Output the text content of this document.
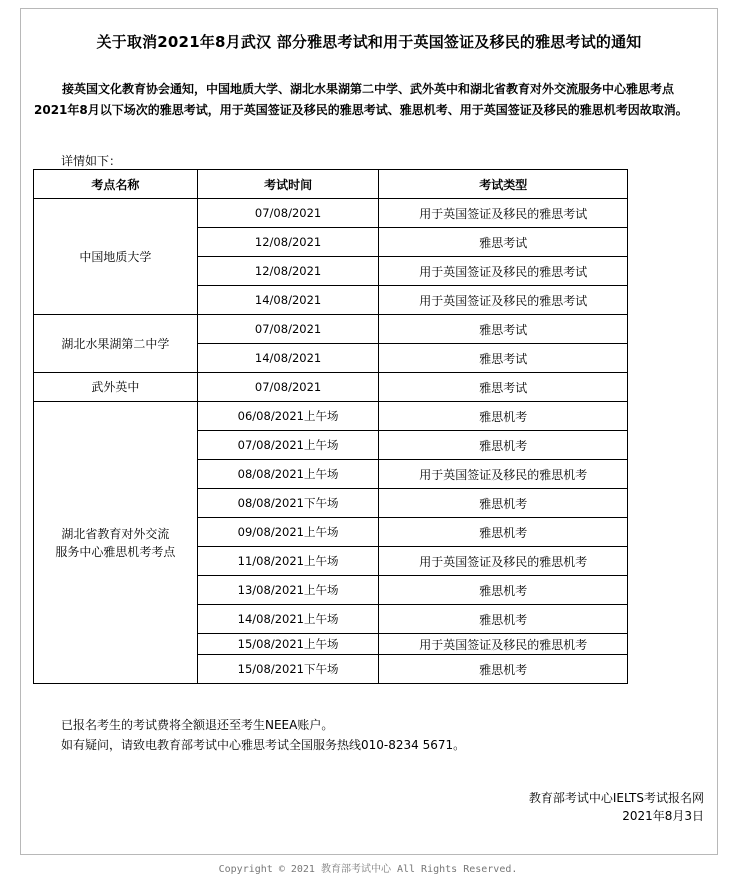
关于取消2021年8月武汉 部分雅思考试和用于英国签证及移民的雅思考试的通知
接英国文化教育协会通知，中国地质大学、湖北水果湖第二中学、武外英中和湖北省教育对外交流服务中心雅思考点2021年8月以下场次的雅思考试，用于英国签证及移民的雅思考试、雅思机考、用于英国签证及移民的雅思机考因故取消。
详情如下：
考点名称	考试时间	考试类型
中国地质大学	07/08/2021	用于英国签证及移民的雅思考试
	12/08/2021	雅思考试
	12/08/2021	用于英国签证及移民的雅思考试
	14/08/2021	用于英国签证及移民的雅思考试
湖北水果湖第二中学	07/08/2021	雅思考试
	14/08/2021	雅思考试
武外英中	07/08/2021	雅思考试
湖北省教育对外交流
服务中心雅思机考考点	06/08/2021上午场	雅思机考
	07/08/2021上午场	雅思机考
	08/08/2021上午场	用于英国签证及移民的雅思机考
	08/08/2021下午场	雅思机考
	09/08/2021上午场	雅思机考
	11/08/2021上午场	用于英国签证及移民的雅思机考
	13/08/2021上午场	雅思机考
	14/08/2021上午场	雅思机考
	15/08/2021上午场	用于英国签证及移民的雅思机考
	15/08/2021下午场	雅思机考
已报名考生的考试费将全额退还至考生NEEA账户。
如有疑问，请致电教育部考试中心雅思考试全国服务热线010-8234 5671。
教育部考试中心IELTS考试报名网
2021年8月3日
Copyright © 2021 教育部考试中心 All Rights Reserved.
